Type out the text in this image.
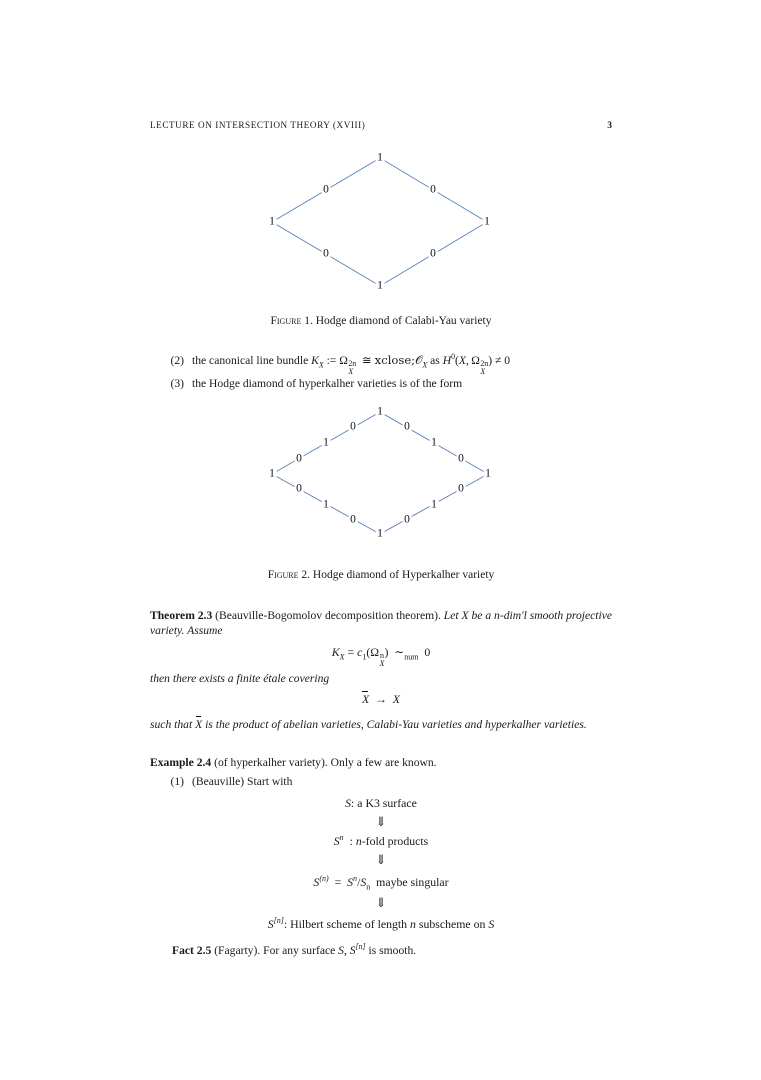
LECTURE ON INTERSECTION THEORY (XVIII)	3
1
0	0
1	1
0	0
1
Figure 1. Hodge diamond of Calabi-Yau variety
(2) the canonical line bundle $K_X$ := Ω 2n
X
≅ xclose;𝒪$_X$ as $H^0(X$, Ω 2n
X
) ≠ 0
(3) the Hodge diamond of hyperkalher varieties is of the form
1
0
1
0
0
1
0
1	1
0
1
0
0
1
0
1
Figure 2. Hodge diamond of Hyperkalher variety
Theorem 2.3 (Beauville-Bogomolov decomposition theorem). Let X be a n-dim'l smooth projective variety. Assume
$K_X = c_1(\Omega$ n
X
)  $\sim_{num}$  0
then there exists a finite étale covering
X  →  X
such that X is the product of abelian varieties, Calabi-Yau varieties and hyperkalher varieties.
Example 2.4 (of hyperkalher variety). Only a few are known.
(1) (Beauville) Start with
S: a K3 surface
⇓
$S^n$  : n-fold products
⇓
$S^{(n)} = S^n/S_n$  maybe singular
⇓
S[n]: Hilbert scheme of length n subscheme on S
Fact 2.5 (Fagarty). For any surface S, S[n] is smooth.
